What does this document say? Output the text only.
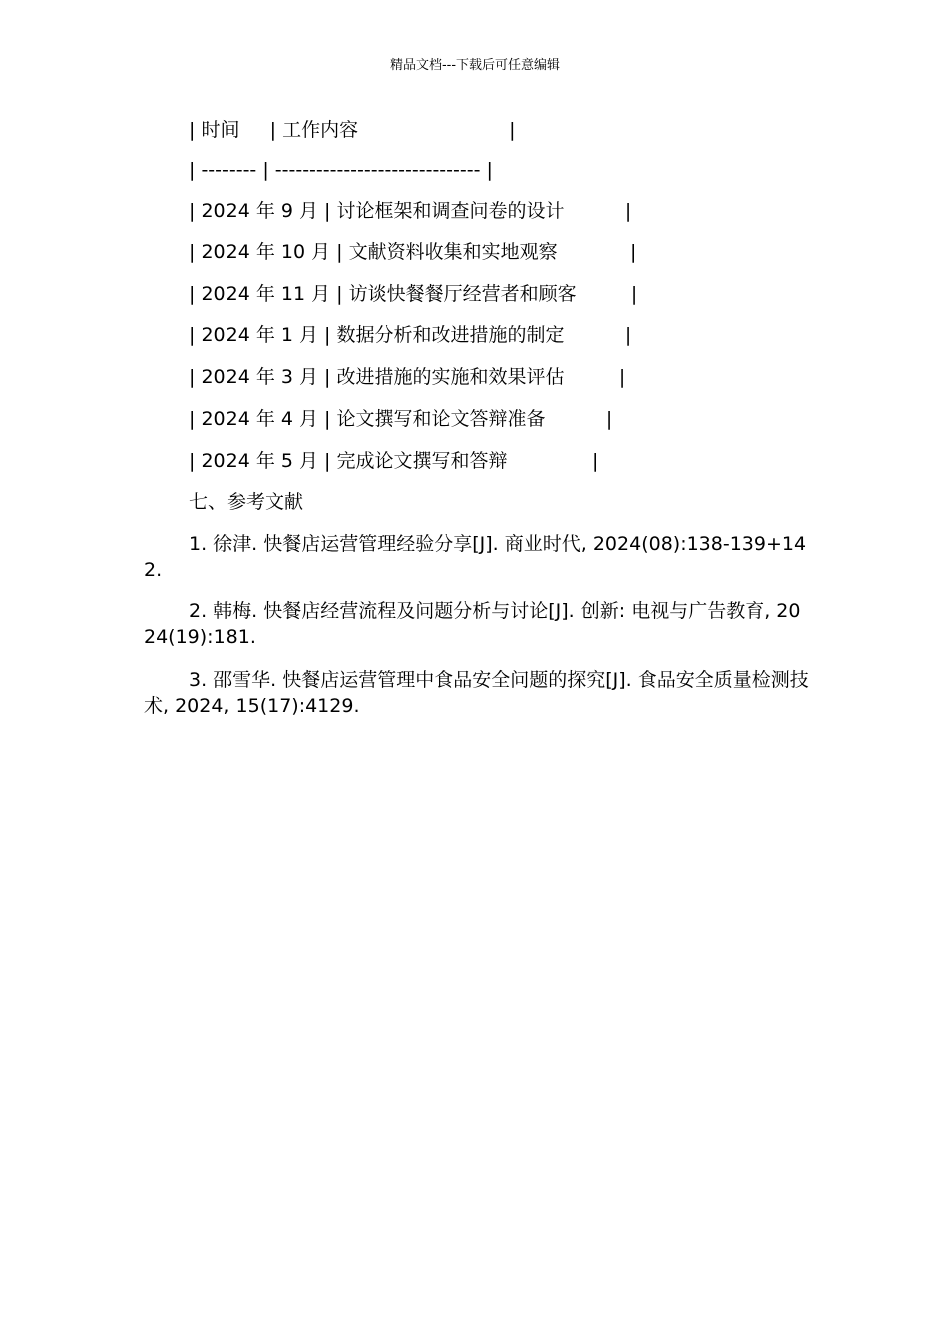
精品文档---下载后可任意编辑
| 时间     | 工作内容                         |
| -------- | ------------------------------ |
| 2024 年 9 月 | 讨论框架和调查问卷的设计          |
| 2024 年 10 月 | 文献资料收集和实地观察            |
| 2024 年 11 月 | 访谈快餐餐厅经营者和顾客         |
| 2024 年 1 月 | 数据分析和改进措施的制定          |
| 2024 年 3 月 | 改进措施的实施和效果评估         |
| 2024 年 4 月 | 论文撰写和论文答辩准备          |
| 2024 年 5 月 | 完成论文撰写和答辩              |
七、参考文献
1. 徐津. 快餐店运营管理经验分享[J]. 商业时代, 2024(08):138-139+142.
2. 韩梅. 快餐店经营流程及问题分析与讨论[J]. 创新: 电视与广告教育, 2024(19):181.
3. 邵雪华. 快餐店运营管理中食品安全问题的探究[J]. 食品安全质量检测技术, 2024, 15(17):4129.
